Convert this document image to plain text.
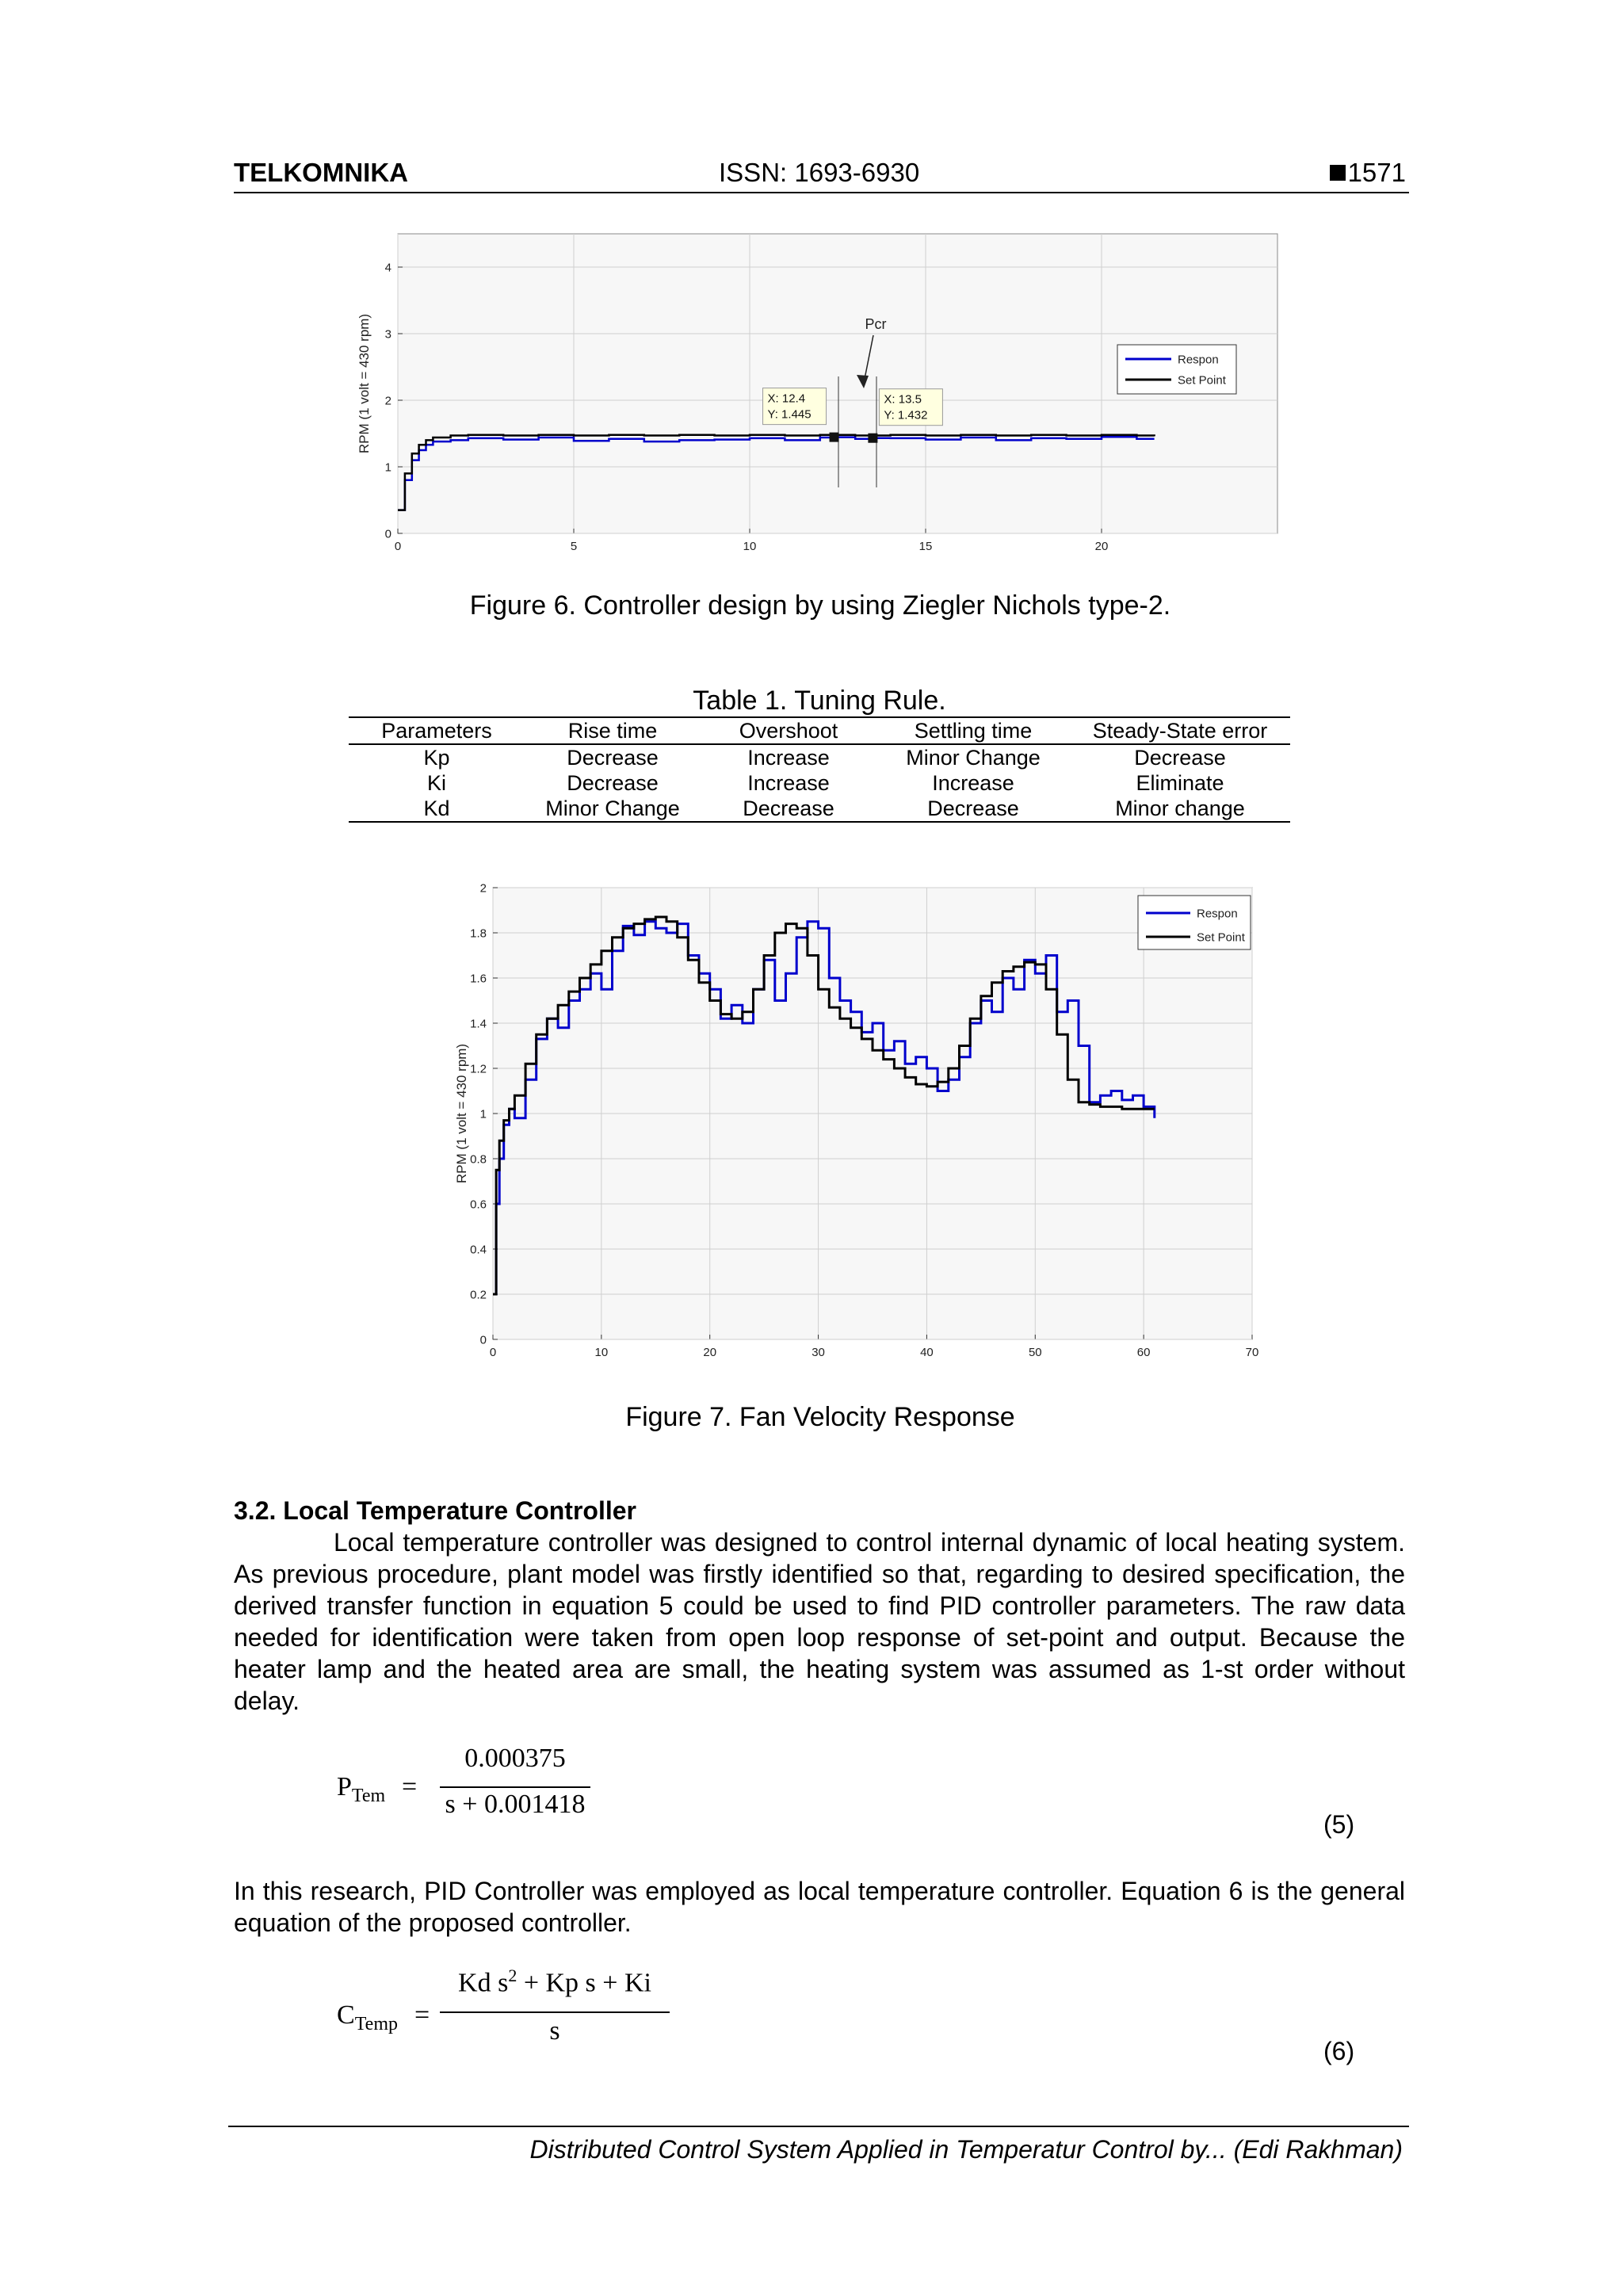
TELKOMNIKA	ISSN: 1693-6930	1571
0	5	10	15	20
0
1
2
3
4
RPM (1 volt = 430 rpm)	Respon
Set Point
Pcr
X: 12.4
Y: 1.445
X: 13.5
Y: 1.432
Figure 6. Controller design by using Ziegler Nichols type-2.
Table 1. Tuning Rule.
Parameters	Rise time	Overshoot	Settling time	Steady-State error
Kp	Decrease	Increase	Minor Change	Decrease
Ki	Decrease	Increase	Increase	Eliminate
Kd	Minor Change	Decrease	Decrease	Minor change
0	10	20	30	40	50	60	70
0
0.2
0.4
0.6
0.8
1
1.2
1.4
1.6
1.8
2
RPM (1 volt = 430 rpm)
Respon
Set Point
Figure 7. Fan Velocity Response
3.2. Local Temperature Controller

Local temperature controller was designed to control internal dynamic of local heating system. As previous procedure, plant model was firstly identified so that, regarding to desired specification, the derived transfer function in equation 5 could be used to find PID controller parameters. The raw data needed for identification were taken from open loop response of set-point and output. Because the heater lamp and the heated area are small, the heating system was assumed as 1-st order without delay.

$P_{Tem}$ =
0.000375
s + 0.001418
(5)

In this research, PID Controller was employed as local temperature controller. Equation 6 is the general equation of the proposed controller.

$C_{Temp}$ =
Kd $s^2 + Kp$ s + Ki
s
(6)
Distributed Control System Applied in Temperatur Control by... (Edi Rakhman)
